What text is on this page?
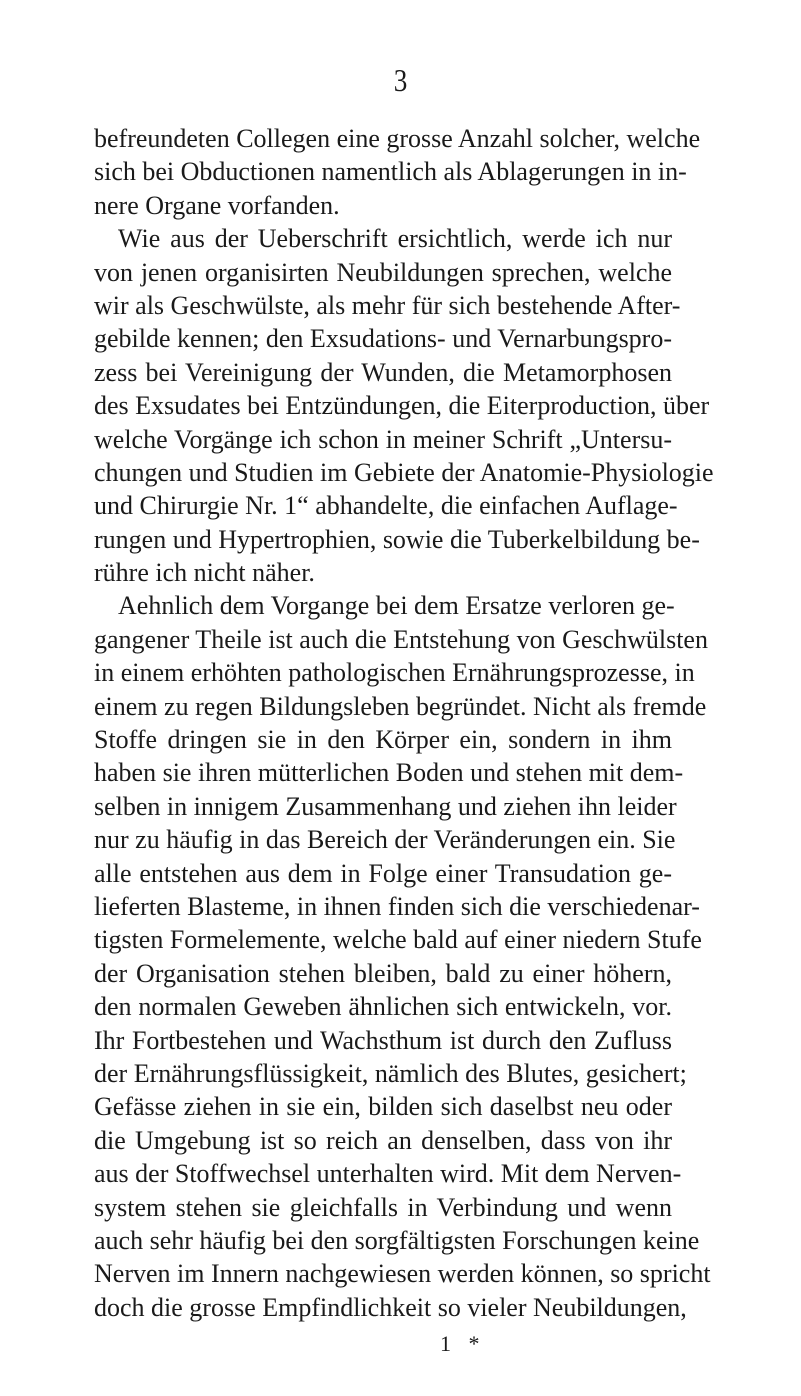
3
befreundeten Collegen eine grosse Anzahl solcher, welche
sich bei Obductionen namentlich als Ablagerungen in in-
nere Organe vorfanden.
Wie aus der Ueberschrift ersichtlich, werde ich nur
von jenen organisirten Neubildungen sprechen, welche
wir als Geschwülste, als mehr für sich bestehende After-
gebilde kennen; den Exsudations- und Vernarbungspro-
zess bei Vereinigung der Wunden, die Metamorphosen
des Exsudates bei Entzündungen, die Eiterproduction, über
welche Vorgänge ich schon in meiner Schrift „Untersu-
chungen und Studien im Gebiete der Anatomie-Physiologie
und Chirurgie Nr. 1“ abhandelte, die einfachen Auflage-
rungen und Hypertrophien, sowie die Tuberkelbildung be-
rühre ich nicht näher.
Aehnlich dem Vorgange bei dem Ersatze verloren ge-
gangener Theile ist auch die Entstehung von Geschwülsten
in einem erhöhten pathologischen Ernährungsprozesse, in
einem zu regen Bildungsleben begründet. Nicht als fremde
Stoffe dringen sie in den Körper ein, sondern in ihm
haben sie ihren mütterlichen Boden und stehen mit dem-
selben in innigem Zusammenhang und ziehen ihn leider
nur zu häufig in das Bereich der Veränderungen ein. Sie
alle entstehen aus dem in Folge einer Transudation ge-
lieferten Blasteme, in ihnen finden sich die verschiedenar-
tigsten Formelemente, welche bald auf einer niedern Stufe
der Organisation stehen bleiben, bald zu einer höhern,
den normalen Geweben ähnlichen sich entwickeln, vor.
Ihr Fortbestehen und Wachsthum ist durch den Zufluss
der Ernährungsflüssigkeit, nämlich des Blutes, gesichert;
Gefässe ziehen in sie ein, bilden sich daselbst neu oder
die Umgebung ist so reich an denselben, dass von ihr
aus der Stoffwechsel unterhalten wird. Mit dem Nerven-
system stehen sie gleichfalls in Verbindung und wenn
auch sehr häufig bei den sorgfältigsten Forschungen keine
Nerven im Innern nachgewiesen werden können, so spricht
doch die grosse Empfindlichkeit so vieler Neubildungen,
1 *
